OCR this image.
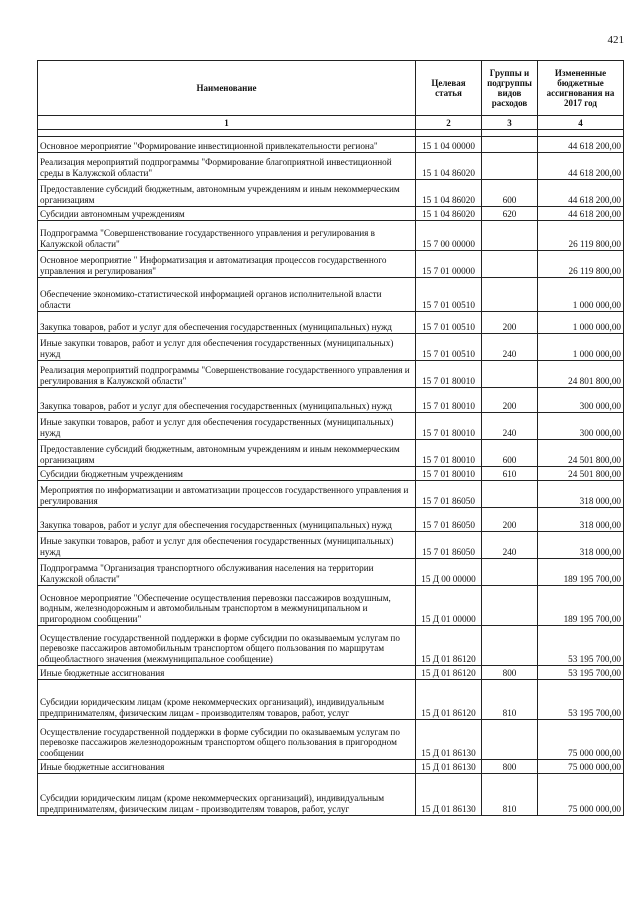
421
Наименование	Целевая статья	Группы и подгруппы видов расходов	Измененные бюджетные ассигнования на 2017 год
1	2	3	4

Основное мероприятие "Формирование инвестиционной привлекательности региона"	15 1 04 00000		44 618 200,00
Реализация мероприятий подпрограммы "Формирование благоприятной инвестиционной среды в Калужской области"	15 1 04 86020		44 618 200,00
Предоставление субсидий бюджетным, автономным учреждениям и иным некоммерческим организациям	15 1 04 86020	600	44 618 200,00
Субсидии автономным учреждениям	15 1 04 86020	620	44 618 200,00
Подпрограмма "Совершенствование государственного управления и регулирования в Калужской области"	15 7 00 00000		26 119 800,00
Основное мероприятие " Информатизация и автоматизация процессов государственного управления и регулирования"	15 7 01 00000		26 119 800,00
Обеспечение экономико-статистической информацией органов исполнительной власти области	15 7 01 00510		1 000 000,00
Закупка товаров, работ и услуг для обеспечения государственных (муниципальных) нужд	15 7 01 00510	200	1 000 000,00
Иные закупки товаров, работ и услуг для обеспечения государственных (муниципальных) нужд	15 7 01 00510	240	1 000 000,00
Реализация мероприятий подпрограммы "Совершенствование государственного управления и регулирования в Калужской области"	15 7 01 80010		24 801 800,00
Закупка товаров, работ и услуг для обеспечения государственных (муниципальных) нужд	15 7 01 80010	200	300 000,00
Иные закупки товаров, работ и услуг для обеспечения государственных (муниципальных) нужд	15 7 01 80010	240	300 000,00
Предоставление субсидий бюджетным, автономным учреждениям и иным некоммерческим организациям	15 7 01 80010	600	24 501 800,00
Субсидии бюджетным учреждениям	15 7 01 80010	610	24 501 800,00
Мероприятия по информатизации и автоматизации процессов государственного управления и регулирования	15 7 01 86050		318 000,00
Закупка товаров, работ и услуг для обеспечения государственных (муниципальных) нужд	15 7 01 86050	200	318 000,00
Иные закупки товаров, работ и услуг для обеспечения государственных (муниципальных) нужд	15 7 01 86050	240	318 000,00
Подпрограмма "Организация транспортного обслуживания населения на территории Калужской области"	15 Д 00 00000		189 195 700,00
Основное мероприятие "Обеспечение осуществления перевозки пассажиров воздушным, водным, железнодорожным и автомобильным транспортом в межмуниципальном и пригородном сообщении"	15 Д 01 00000		189 195 700,00
Осуществление государственной поддержки в форме субсидии по оказываемым услугам по перевозке пассажиров автомобильным транспортом общего пользования по маршрутам общеобластного значения (межмуниципальное сообщение)	15 Д 01 86120		53 195 700,00
Иные бюджетные ассигнования	15 Д 01 86120	800	53 195 700,00
Субсидии юридическим лицам (кроме некоммерческих организаций), индивидуальным предпринимателям, физическим лицам - производителям товаров, работ, услуг	15 Д 01 86120	810	53 195 700,00
Осуществление государственной поддержки в форме субсидии по оказываемым услугам по перевозке пассажиров железнодорожным транспортом общего пользования в пригородном сообщении	15 Д 01 86130		75 000 000,00
Иные бюджетные ассигнования	15 Д 01 86130	800	75 000 000,00
Субсидии юридическим лицам (кроме некоммерческих организаций), индивидуальным предпринимателям, физическим лицам - производителям товаров, работ, услуг	15 Д 01 86130	810	75 000 000,00
